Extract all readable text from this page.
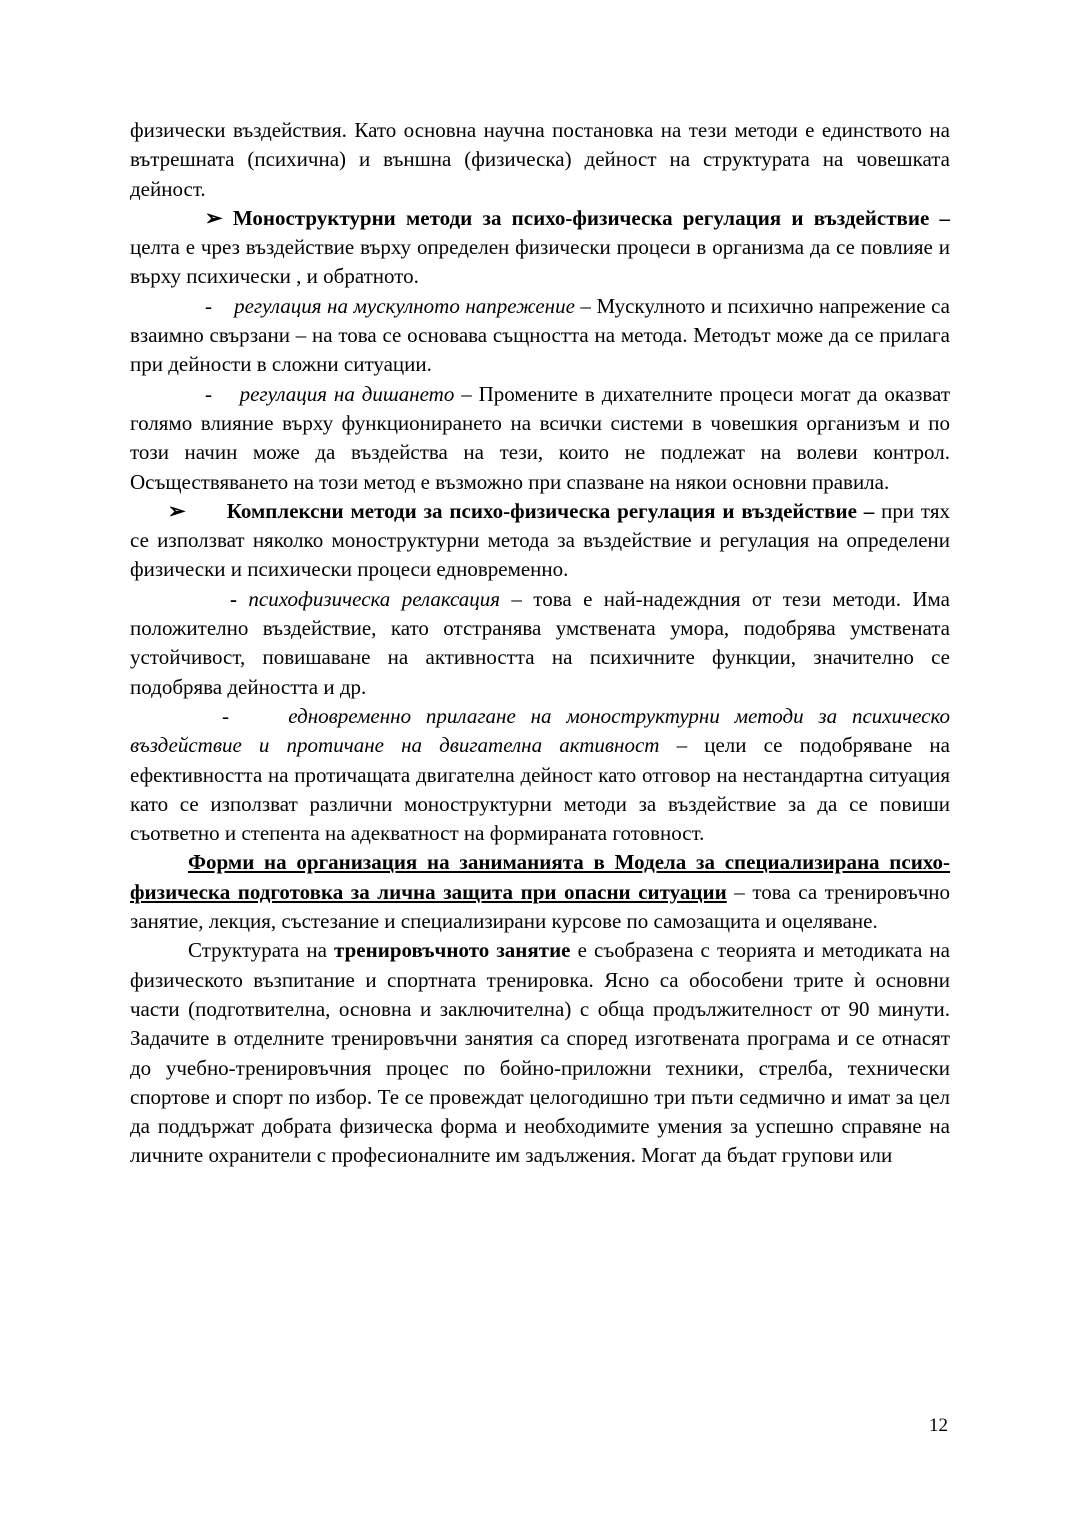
физически въздействия. Като основна научна постановка на тези методи е единството на вътрешната (психична) и външна (физическа) дейност на структурата на човешката дейност.

➢ Моноструктурни методи за психо-физическа регулация и въздействие – целта е чрез въздействие върху определен физически процеси в организма да се повлияе и върху психически , и обратното.

-    регулация на мускулното напрежение – Мускулното и психично напрежение са взаимно свързани – на това се основава същността на метода. Методът може да се прилага при дейности в сложни ситуации.

-    регулация на дишането – Промените в дихателните процеси могат да оказват голямо влияние върху функционирането на всички системи в човешкия организъм и по този начин може да въздейства на тези, които не подлежат на волеви контрол. Осъществяването на този метод е възможно при спазване на някои основни правила.

➢      Комплексни методи за психо-физическа регулация и въздействие – при тях се използват няколко моноструктурни метода за въздействие и регулация на определени физически и психически процеси едновременно.

- психофизическа релаксация – това е най-надеждния от тези методи. Има положително въздействие, като отстранява умствената умора, подобрява умствената устойчивост, повишаване на активността на психичните функции, значително се подобрява дейността и др.

-    едновременно прилагане на моноструктурни методи за психическо въздействие и протичане на двигателна активност – цели се подобряване на ефективността на протичащата двигателна дейност като отговор на нестандартна ситуация като се използват различни моноструктурни методи за въздействие за да се повиши съответно и степента на адекватност на формираната готовност.

Форми на организация на заниманията в Модела за специализирана психо-физическа подготовка за лична защита при опасни ситуации – това са тренировъчно занятие, лекция, състезание и специализирани курсове по самозащита и оцеляване.

Структурата на тренировъчното занятие е съобразена с теорията и методиката на физическото възпитание и спортната тренировка. Ясно са обособени трите ѝ основни части (подготвителна, основна и заключителна) с обща продължителност от 90 минути. Задачите в отделните тренировъчни занятия са според изготвената програма и се отнасят до учебно-тренировъчния процес по бойно-приложни техники, стрелба, технически спортове и спорт по избор. Те се провеждат целогодишно три пъти седмично и имат за цел да поддържат добрата физическа форма и необходимите умения за успешно справяне на личните охранители с професионалните им задължения. Могат да бъдат групови или

12
